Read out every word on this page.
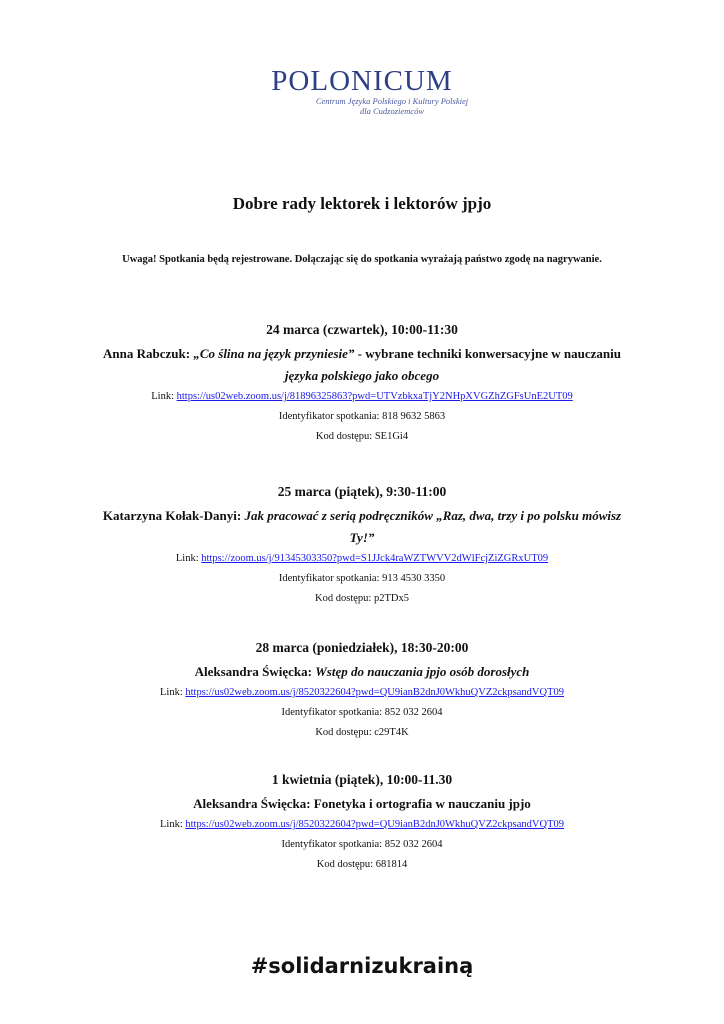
POLONICUM
Centrum Języka Polskiego i Kultury Polskiej
dla Cudzoziemców
Dobre rady lektorek i lektorów jpjo
Uwaga! Spotkania będą rejestrowane. Dołączając się do spotkania wyrażają państwo zgodę na nagrywanie.
24 marca (czwartek), 10:00-11:30
Anna Rabczuk: „Co ślina na język przyniesie” - wybrane techniki konwersacyjne w nauczaniu
języka polskiego jako obcego
Link: https://us02web.zoom.us/j/81896325863?pwd=UTVzbkxaTjY2NHpXVGZhZGFsUnE2UT09
Identyfikator spotkania: 818 9632 5863
Kod dostępu: SE1Gi4
25 marca (piątek), 9:30-11:00
Katarzyna Kołak-Danyi: Jak pracować z serią podręczników „Raz, dwa, trzy i po polsku mówisz
Ty!”
Link: https://zoom.us/j/91345303350?pwd=S1JJck4raWZTWVV2dWlFcjZiZGRxUT09
Identyfikator spotkania: 913 4530 3350
Kod dostępu: p2TDx5
28 marca (poniedziałek), 18:30-20:00
Aleksandra Święcka: Wstęp do nauczania jpjo osób dorosłych
Link: https://us02web.zoom.us/j/8520322604?pwd=QU9ianB2dnJ0WkhuQVZ2ckpsandVQT09
Identyfikator spotkania: 852 032 2604
Kod dostępu: c29T4K
1 kwietnia (piątek), 10:00-11.30
Aleksandra Święcka: Fonetyka i ortografia w nauczaniu jpjo
Link: https://us02web.zoom.us/j/8520322604?pwd=QU9ianB2dnJ0WkhuQVZ2ckpsandVQT09
Identyfikator spotkania: 852 032 2604
Kod dostępu: 681814
#solidarnizukrainą
